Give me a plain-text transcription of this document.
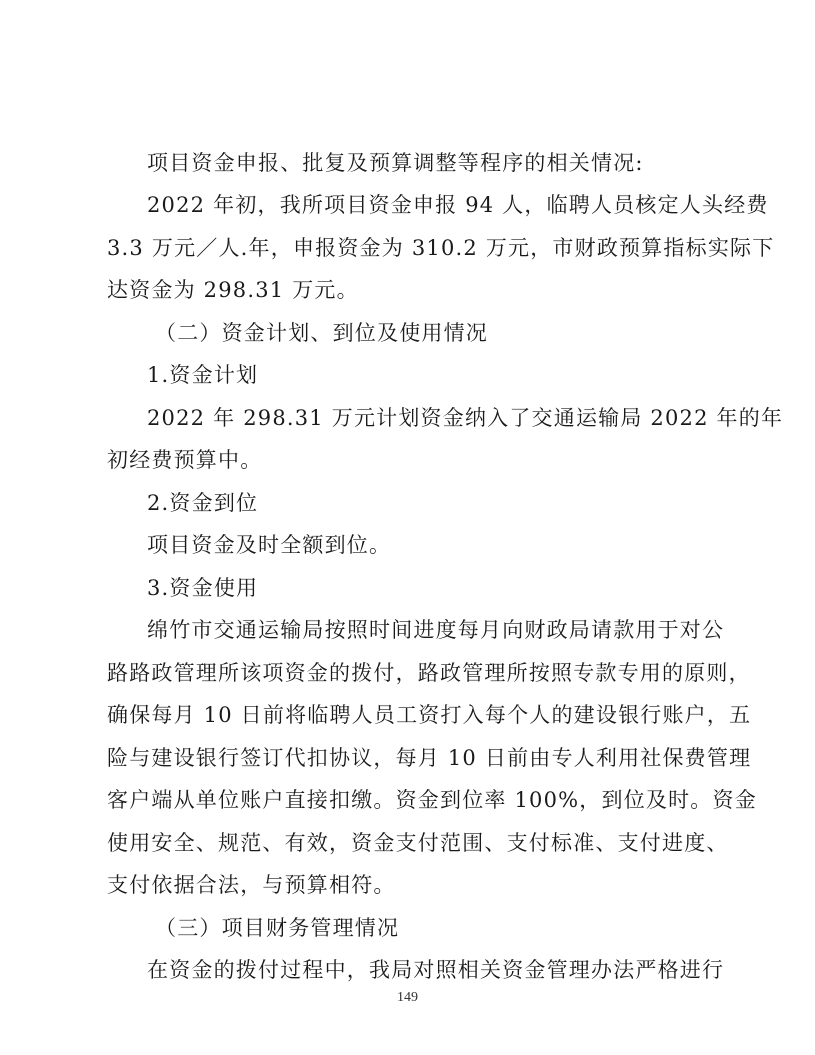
项目资金申报、批复及预算调整等程序的相关情况:
2022 年初，我所项目资金申报 94 人，临聘人员核定人头经费
3.3 万元／人.年，申报资金为 310.2 万元，市财政预算指标实际下
达资金为 298.31 万元。
（二）资金计划、到位及使用情况
1.资金计划
2022 年 298.31 万元计划资金纳入了交通运输局 2022 年的年
初经费预算中。
2.资金到位
项目资金及时全额到位。
3.资金使用
绵竹市交通运输局按照时间进度每月向财政局请款用于对公
路路政管理所该项资金的拨付，路政管理所按照专款专用的原则，
确保每月 10 日前将临聘人员工资打入每个人的建设银行账户，五
险与建设银行签订代扣协议，每月 10 日前由专人利用社保费管理
客户端从单位账户直接扣缴。资金到位率 100%，到位及时。资金
使用安全、规范、有效，资金支付范围、支付标准、支付进度、
支付依据合法，与预算相符。
（三）项目财务管理情况
在资金的拨付过程中，我局对照相关资金管理办法严格进行
149
